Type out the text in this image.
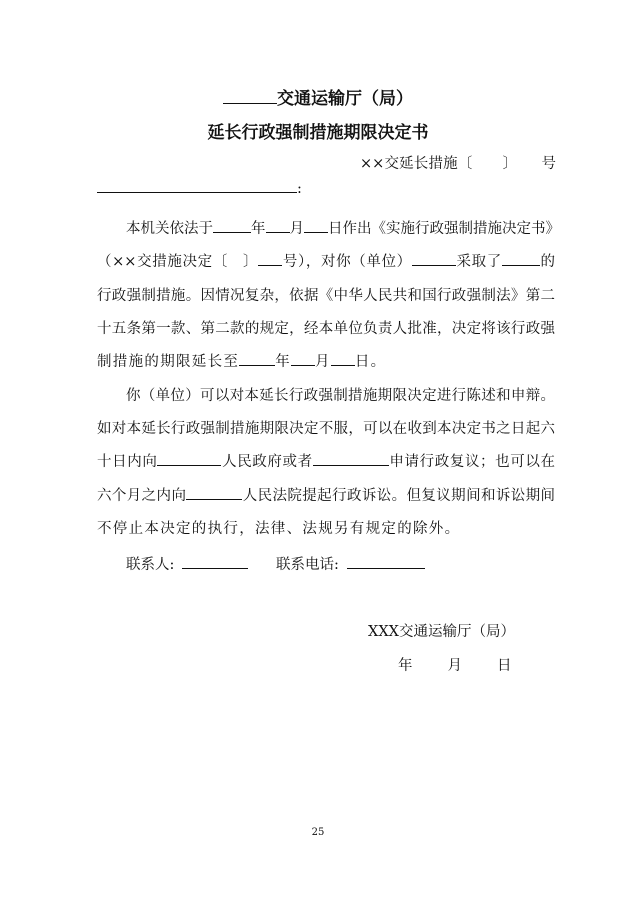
交通运输厅（局）
延长行政强制措施期限决定书
××交延长措施〔 〕 号
:
本机关依法于	年 月 日作出《实施行政强制措施决定书》
（××交措施决定〔　〕 号），对你（单位）	采取了	的
行政强制措施。因情况复杂，依据《中华人民共和国行政强制法》第二
十五条第一款、第二款的规定，经本单位负责人批准，决定将该行政强
制措施的期限延长至 年 月 日。
你（单位）可以对本延长行政强制措施期限决定进行陈述和申辩。
如对本延长行政强制措施期限决定不服，可以在收到本决定书之日起六
十日内向	人民政府或者	申请行政复议；也可以在
六个月之内向	人民法院提起行政诉讼。但复议期间和诉讼期间
不停止本决定的执行，法律、法规另有规定的除外。
联系人:	联系电话:
XXX交通运输厅（局）
年　　月　　日
25
